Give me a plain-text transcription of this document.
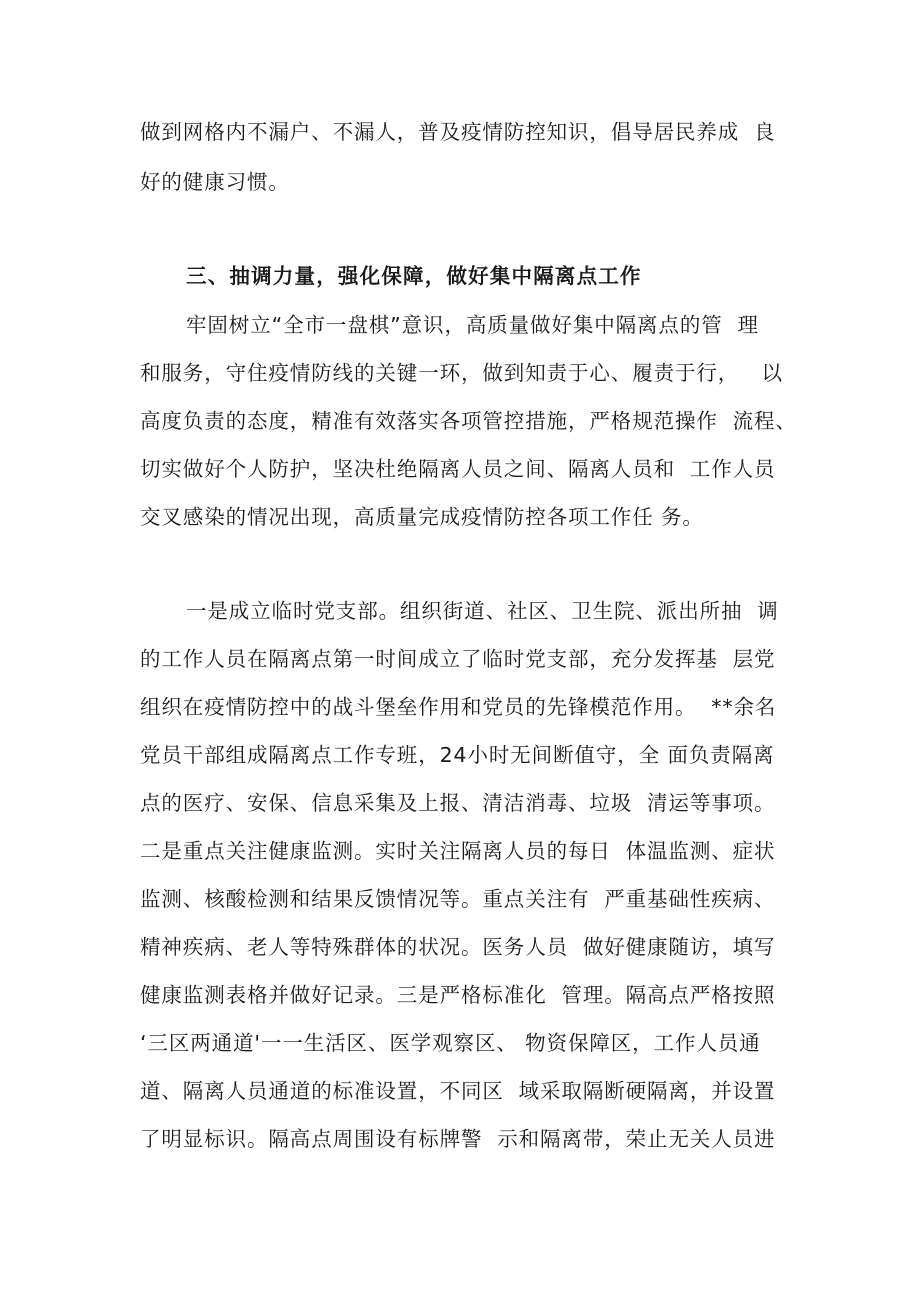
做到网格内不漏户、不漏人，普及疫情防控知识，倡导居民养成  良
好的健康习惯。
三、抽调力量，强化保障，做好集中隔离点工作
牢固树立“全市一盘棋”意识，高质量做好集中隔离点的管  理
和服务，守住疫情防线的关键一环，做到知责于心、履责于行，   以
高度负责的态度，精准有效落实各项管控措施，严格规范操作  流程、
切实做好个人防护，坚决杜绝隔离人员之间、隔离人员和  工作人员
交叉感染的情况出现，高质量完成疫情防控各项工作任 务。
一是成立临时党支部。组织街道、社区、卫生院、派出所抽  调
的工作人员在隔离点第一时间成立了临时党支部，充分发挥基  层党
组织在疫情防控中的战斗堡垒作用和党员的先锋模范作用。  **余名
党员干部组成隔离点工作专班，24小时无间断值守，全 面负责隔离
点的医疗、安保、信息采集及上报、清洁消毒、垃圾  清运等事项。
二是重点关注健康监测。实时关注隔离人员的每日  体温监测、症状
监测、核酸检测和结果反馈情况等。重点关注有  严重基础性疾病、
精神疾病、老人等特殊群体的状况。医务人员  做好健康随访，填写
健康监测表格并做好记录。三是严格标准化  管理。隔高点严格按照
‘三区两通道'一一生活区、医学观察区、 物资保障区，工作人员通
道、隔离人员通道的标准设置，不同区  域采取隔断硬隔离，并设置
了明显标识。隔高点周围设有标牌警  示和隔离带，荣止无关人员进
